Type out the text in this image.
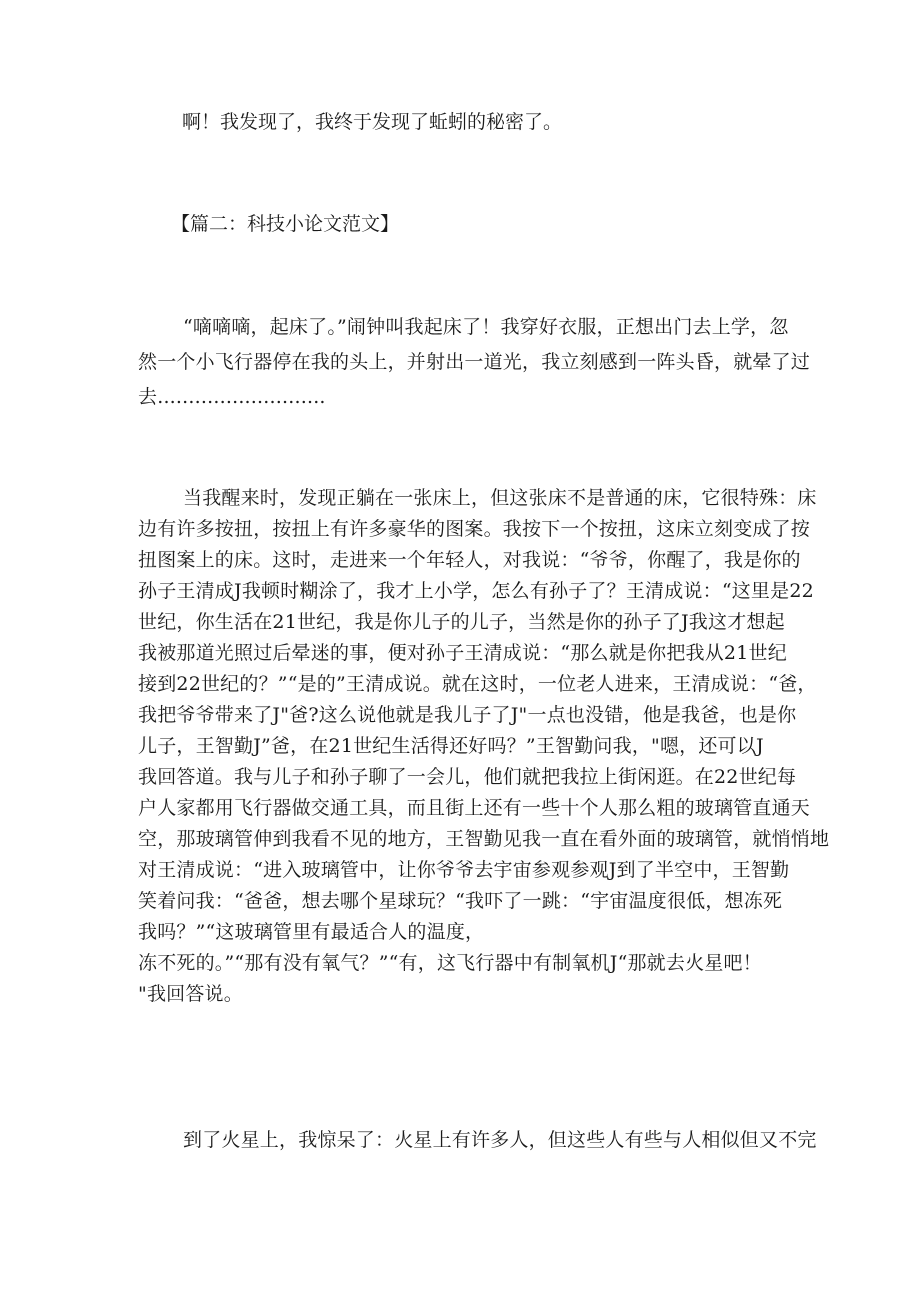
啊！我发现了，我终于发现了蚯蚓的秘密了。
【篇二：科技小论文范文】
“嘀嘀嘀，起床了。”闹钟叫我起床了！我穿好衣服，正想出门去上学，忽
然一个小飞行器停在我的头上，并射出一道光，我立刻感到一阵头昏，就晕了过
去...........................
当我醒来时，发现正躺在一张床上，但这张床不是普通的床，它很特殊：床
边有许多按扭，按扭上有许多豪华的图案。我按下一个按扭，这床立刻变成了按
扭图案上的床。这时，走进来一个年轻人，对我说：“爷爷，你醒了，我是你的
孙子王清成J我顿时糊涂了，我才上小学，怎么有孙子了？王清成说：“这里是22
世纪，你生活在21世纪，我是你儿子的儿子，当然是你的孙子了J我这才想起
我被那道光照过后晕迷的事，便对孙子王清成说：“那么就是你把我从21世纪
接到22世纪的？”“是的”王清成说。就在这时，一位老人进来，王清成说：“爸，
我把爷爷带来了J"爸?这么说他就是我儿子了J"一点也没错，他是我爸，也是你
儿子，王智勤J”爸，在21世纪生活得还好吗？”王智勤问我，"嗯，还可以J
我回答道。我与儿子和孙子聊了一会儿，他们就把我拉上街闲逛。在22世纪每
户人家都用飞行器做交通工具，而且街上还有一些十个人那么粗的玻璃管直通天
空，那玻璃管伸到我看不见的地方，王智勤见我一直在看外面的玻璃管，就悄悄地
对王清成说：“进入玻璃管中，让你爷爷去宇宙参观参观J到了半空中，王智勤
笑着问我：“爸爸，想去哪个星球玩？“我吓了一跳：“宇宙温度很低，想冻死
我吗？”“这玻璃管里有最适合人的温度，
冻不死的。”“那有没有氧气？”“有，这飞行器中有制氧机J“那就去火星吧！
"我回答说。
到了火星上，我惊呆了：火星上有许多人，但这些人有些与人相似但又不完
